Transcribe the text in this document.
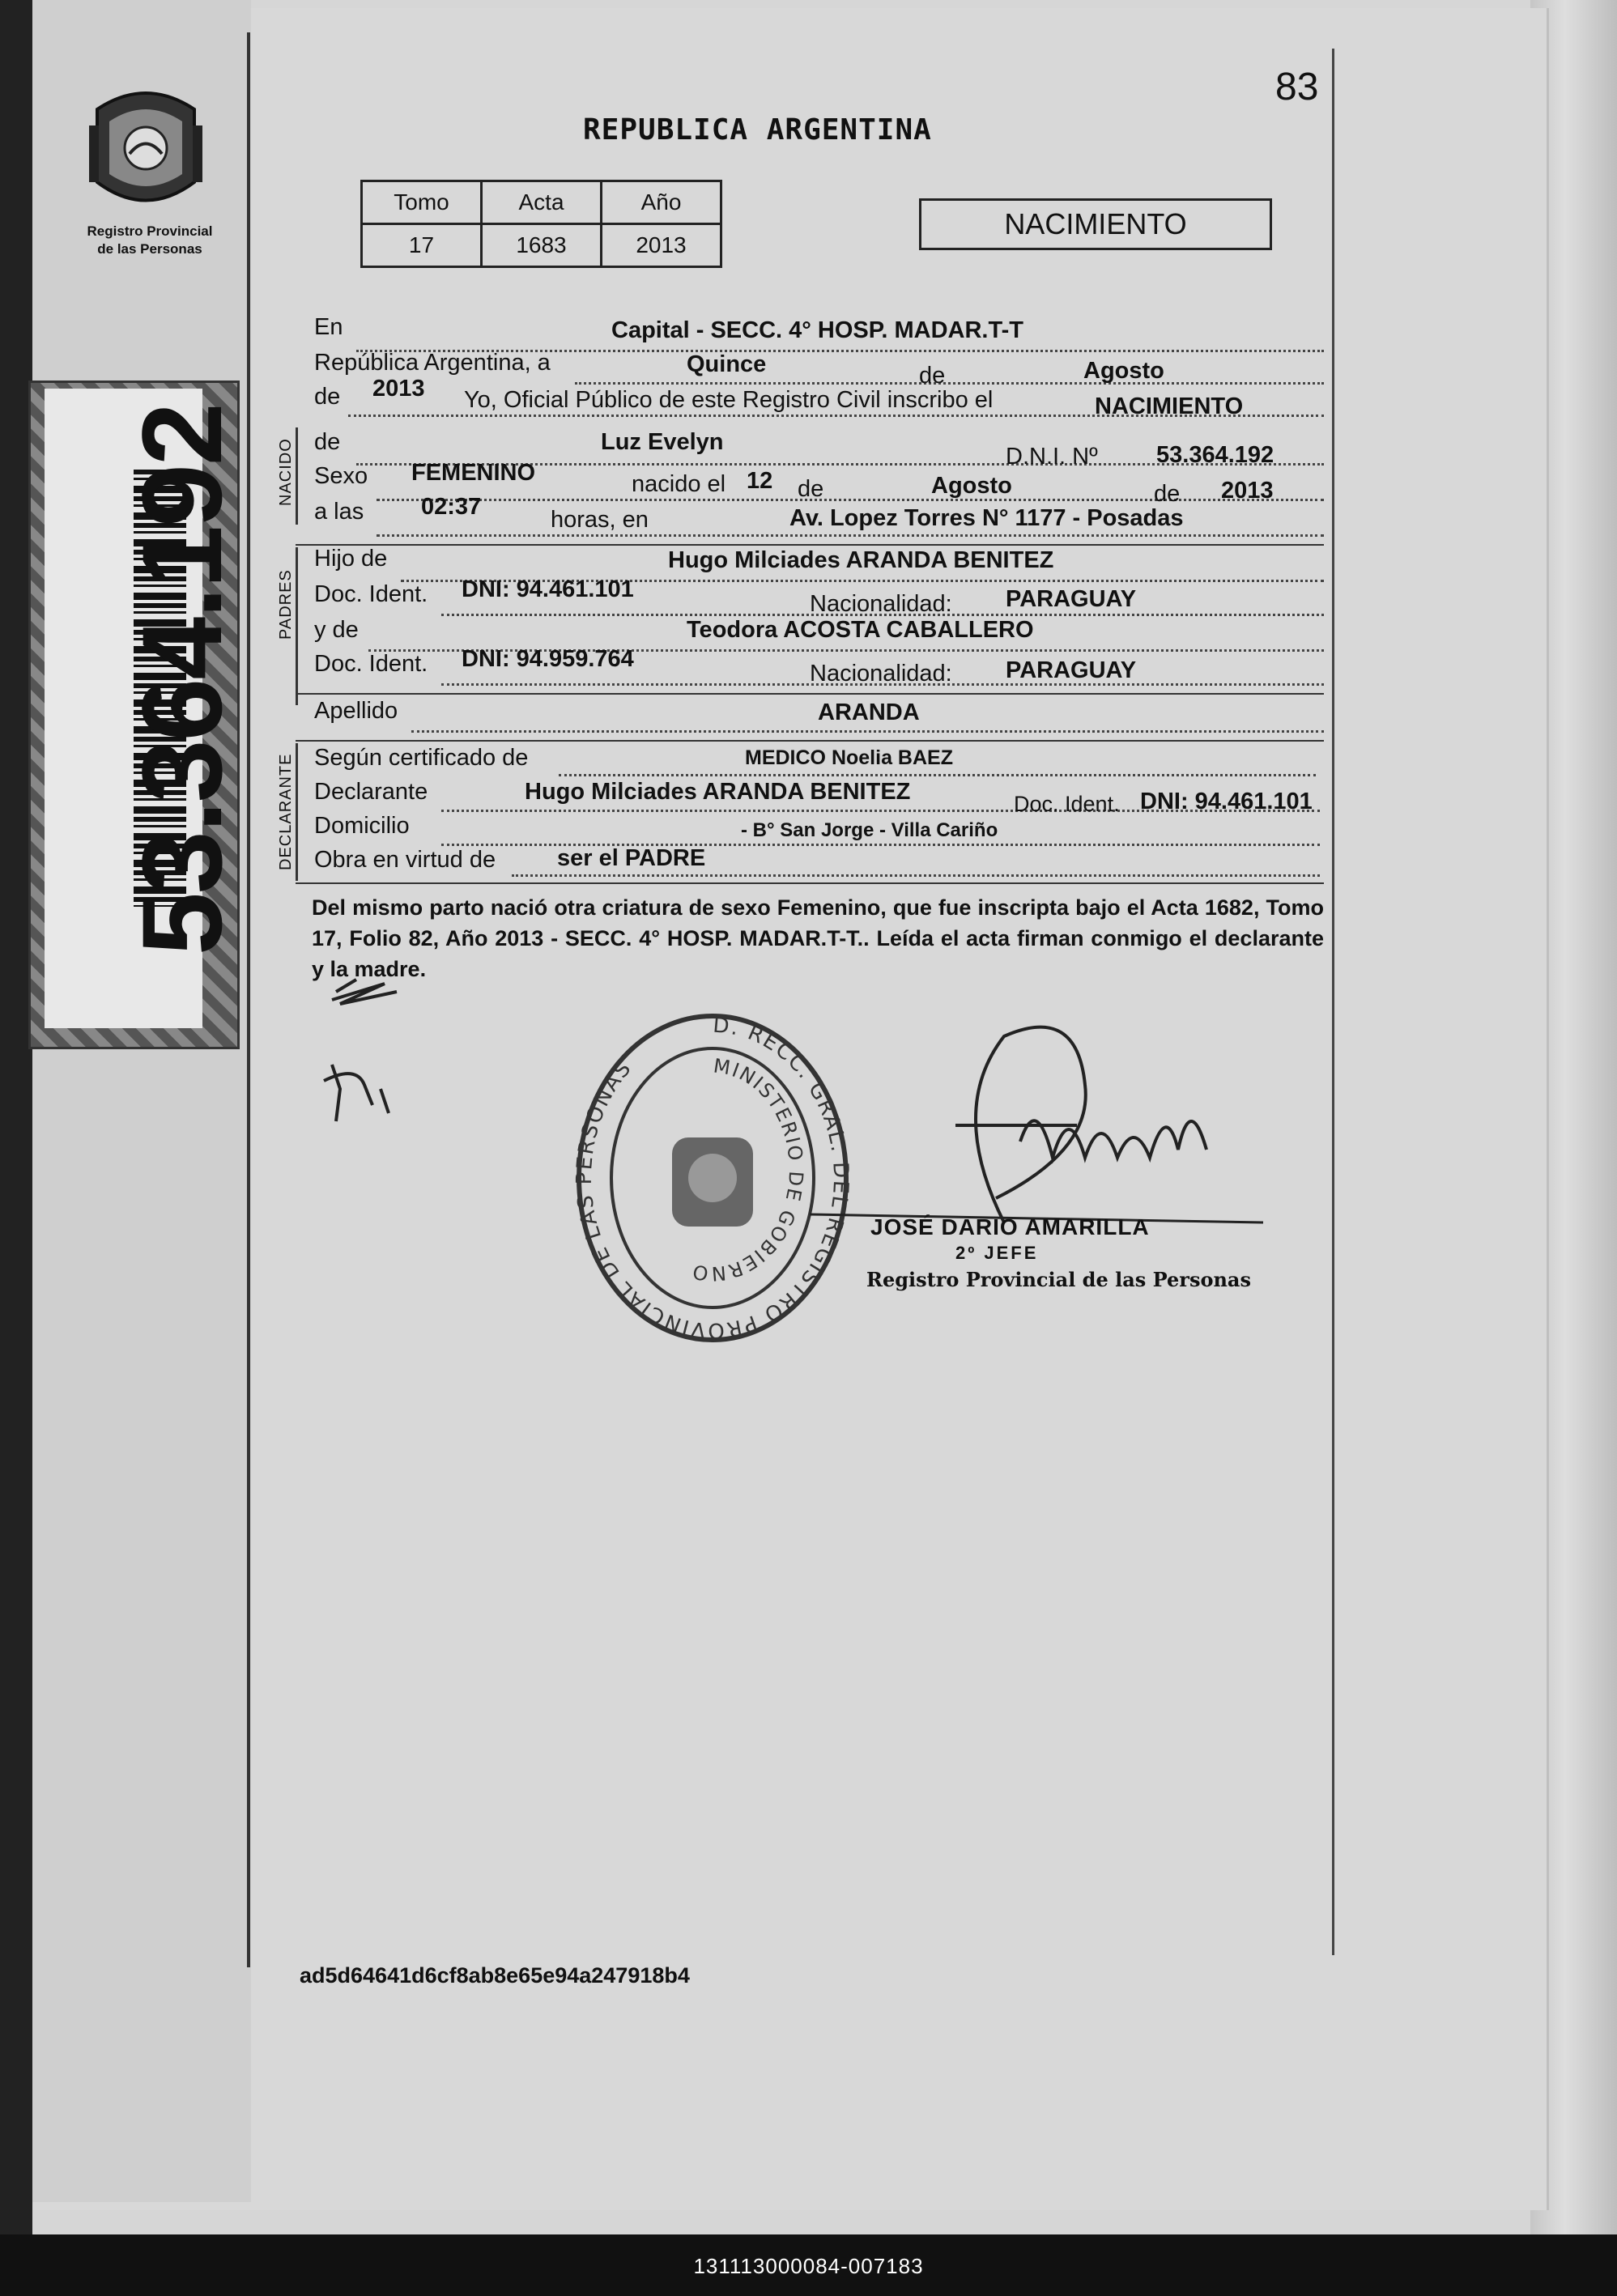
Registro Provincial
de las Personas
53.364.192
83
REPUBLICA ARGENTINA
Tomo	Acta	Año
17	1683	2013
NACIMIENTO
En	Capital - SECC. 4° HOSP. MADAR.T-T
República Argentina, a	Quince	de	Agosto
de 2013 Yo, Oficial Público de este Registro Civil inscribo el	NACIMIENTO
NACIDO de	Luz Evelyn
D.N.I. Nº 53.364.192
Sexo FEMENINO	nacido el 12 de	Agosto	de 2013
a las 02:37	horas, en	Av. Lopez Torres N° 1177 - Posadas
PADRES
Hijo de	Hugo Milciades ARANDA BENITEZ
Doc. Ident. DNI: 94.461.101
Nacionalidad: PARAGUAY
y de	Teodora ACOSTA CABALLERO
Doc. Ident. DNI: 94.959.764
Nacionalidad: PARAGUAY
Apellido	ARANDA
DECLARANTE Según certificado de	MEDICO Noelia BAEZ
Declarante	Hugo Milciades ARANDA BENITEZ	Doc. Ident. DNI: 94.461.101
Domicilio	- B° San Jorge - Villa Cariño
Obra en virtud de	ser el PADRE
Del mismo parto nació otra criatura de sexo Femenino, que fue inscripta bajo el Acta 1682, Tomo 17, Folio 82, Año 2013 - SECC. 4° HOSP. MADAR.T-T.. Leída el acta firman conmigo el declarante y la madre.
D. RECC. GRAL. DEL REGISTRO PROVINCIAL DE LAS PERSONAS	MINISTERIO DE GOBIERNO
JOSÉ DARIO AMARILLA
2º JEFE
Registro Provincial de las Personas
ad5d64641d6cf8ab8e65e94a247918b4
131113000084-007183
